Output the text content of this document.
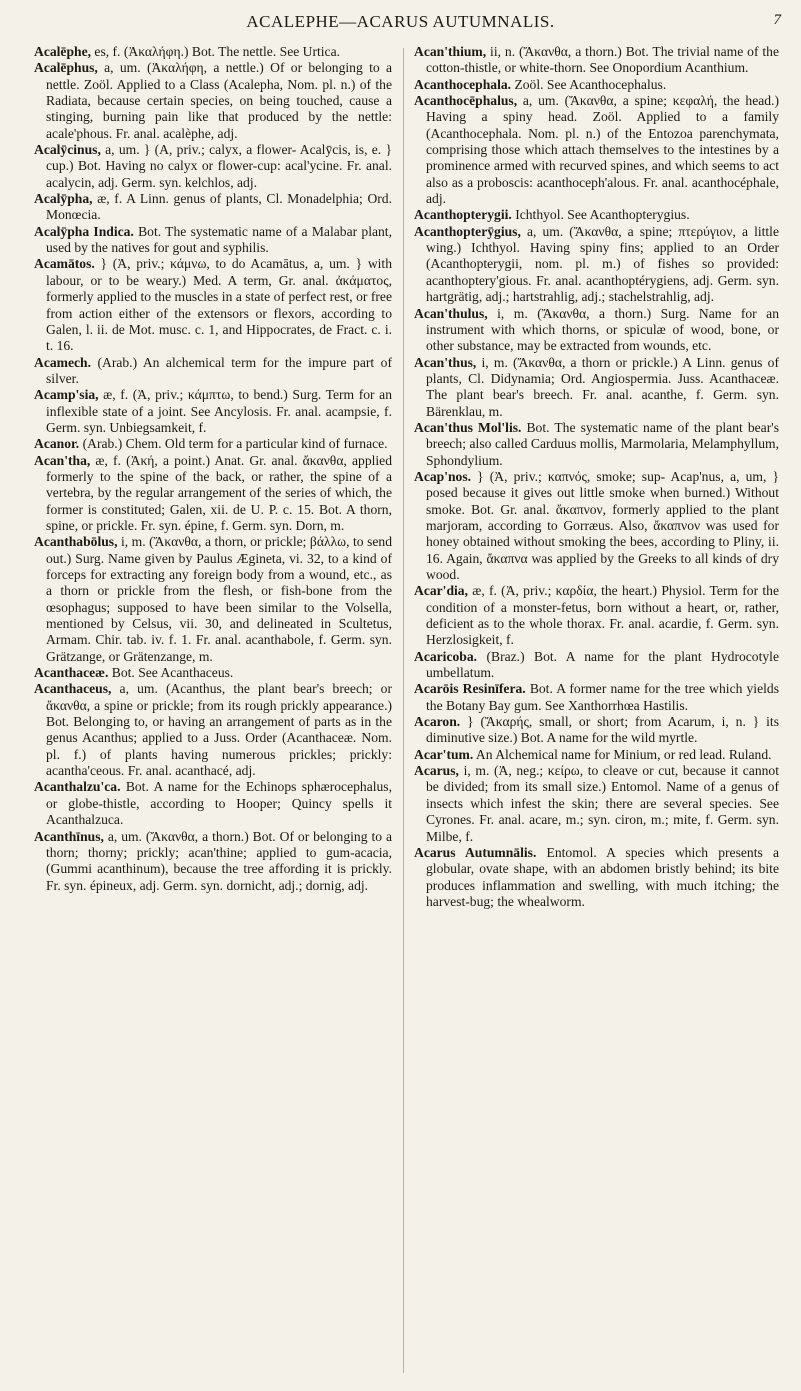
ACALEPHE—ACARUS AUTUMNALIS.	7

Acalēphe, es, f. (Ἀκαλήφη.) Bot. The nettle. See Urtica.

Acalēphus, a, um. (Ἀκαλήφη, a nettle.) Of or belonging to a nettle. Zoöl. Applied to a Class (Acalepha, Nom. pl. n.) of the Radiata, because certain species, on being touched, cause a stinging, burning pain like that produced by the nettle: acale'phous. Fr. anal. acalèphe, adj.

Acalȳcinus, a, um. } (A, priv.; calyx, a flower- Acalȳcis, is, e. } cup.) Bot. Having no calyx or flower-cup: acal'ycine. Fr. anal. acalycin, adj. Germ. syn. kelchlos, adj.

Acalȳpha, æ, f. A Linn. genus of plants, Cl. Monadelphia; Ord. Monœcia.

Acalȳpha Indica. Bot. The systematic name of a Malabar plant, used by the natives for gout and syphilis.

Acamātos. } (Ἀ, priv.; κάμνω, to do Acamātus, a, um. } with labour, or to be weary.) Med. A term, Gr. anal. ἀκάματος, formerly applied to the muscles in a state of perfect rest, or free from action either of the extensors or flexors, according to Galen, l. ii. de Mot. musc. c. 1, and Hippocrates, de Fract. c. i. t. 16.

Acamech. (Arab.) An alchemical term for the impure part of silver.

Acamp'sia, æ, f. (Ἀ, priv.; κάμπτω, to bend.) Surg. Term for an inflexible state of a joint. See Ancylosis. Fr. anal. acampsie, f. Germ. syn. Unbiegsamkeit, f.

Acanor. (Arab.) Chem. Old term for a particular kind of furnace.

Acan'tha, æ, f. (Ἀκή, a point.) Anat. Gr. anal. ἄκανθα, applied formerly to the spine of the back, or rather, the spine of a vertebra, by the regular arrangement of the series of which, the former is constituted; Galen, xii. de U. P. c. 15. Bot. A thorn, spine, or prickle. Fr. syn. épine, f. Germ. syn. Dorn, m.

Acanthabōlus, i, m. (Ἄκανθα, a thorn, or prickle; βάλλω, to send out.) Surg. Name given by Paulus Ægineta, vi. 32, to a kind of forceps for extracting any foreign body from a wound, etc., as a thorn or prickle from the flesh, or fish-bone from the œsophagus; supposed to have been similar to the Volsella, mentioned by Celsus, vii. 30, and delineated in Scultetus, Armam. Chir. tab. iv. f. 1. Fr. anal. acanthabole, f. Germ. syn. Grätzange, or Grätenzange, m.

Acanthaceæ. Bot. See Acanthaceus.

Acanthaceus, a, um. (Acanthus, the plant bear's breech; or ἄκανθα, a spine or prickle; from its rough prickly appearance.) Bot. Belonging to, or having an arrangement of parts as in the genus Acanthus; applied to a Juss. Order (Acanthaceæ. Nom. pl. f.) of plants having numerous prickles; prickly: acantha'ceous. Fr. anal. acanthacé, adj.

Acanthalzu'ca. Bot. A name for the Echinops sphærocephalus, or globe-thistle, according to Hooper; Quincy spells it Acanthalzuca.

Acanthīnus, a, um. (Ἄκανθα, a thorn.) Bot. Of or belonging to a thorn; thorny; prickly; acan'thine; applied to gum-acacia, (Gummi acanthinum), because the tree affording it is prickly. Fr. syn. épineux, adj. Germ. syn. dornicht, adj.; dornig, adj.

Acan'thium, ii, n. (Ἄκανθα, a thorn.) Bot. The trivial name of the cotton-thistle, or white-thorn. See Onopordium Acanthium.

Acanthocephala. Zoöl. See Acanthocephalus.

Acanthocēphalus, a, um. (Ἄκανθα, a spine; κεφαλή, the head.) Having a spiny head. Zoöl. Applied to a family (Acanthocephala. Nom. pl. n.) of the Entozoa parenchymata, comprising those which attach themselves to the intestines by a prominence armed with recurved spines, and which seems to act also as a proboscis: acanthoceph'alous. Fr. anal. acanthocéphale, adj.

Acanthopterygii. Ichthyol. See Acanthopterygius.

Acanthopterȳgius, a, um. (Ἄκανθα, a spine; πτερύγιον, a little wing.) Ichthyol. Having spiny fins; applied to an Order (Acanthopterygii, nom. pl. m.) of fishes so provided: acanthoptery'gious. Fr. anal. acanthoptérygiens, adj. Germ. syn. hartgrätig, adj.; hartstrahlig, adj.; stachelstrahlig, adj.

Acan'thulus, i, m. (Ἄκανθα, a thorn.) Surg. Name for an instrument with which thorns, or spiculæ of wood, bone, or other substance, may be extracted from wounds, etc.

Acan'thus, i, m. (Ἄκανθα, a thorn or prickle.) A Linn. genus of plants, Cl. Didynamia; Ord. Angiospermia. Juss. Acanthaceæ. The plant bear's breech. Fr. anal. acanthe, f. Germ. syn. Bärenklau, m.

Acan'thus Mol'lis. Bot. The systematic name of the plant bear's breech; also called Carduus mollis, Marmolaria, Melamphyllum, Sphondylium.

Acap'nos. } (Ἀ, priv.; καπνός, smoke; sup- Acap'nus, a, um, } posed because it gives out little smoke when burned.) Without smoke. Bot. Gr. anal. ἄκαπνον, formerly applied to the plant marjoram, according to Gorræus. Also, ἄκαπνον was used for honey obtained without smoking the bees, according to Pliny, ii. 16. Again, ἄκαπνα was applied by the Greeks to all kinds of dry wood.

Acar'dia, æ, f. (Ἀ, priv.; καρδία, the heart.) Physiol. Term for the condition of a monster-fetus, born without a heart, or, rather, deficient as to the whole thorax. Fr. anal. acardie, f. Germ. syn. Herzlosigkeit, f.

Acaricoba. (Braz.) Bot. A name for the plant Hydrocotyle umbellatum.

Acarōis Resinīfera. Bot. A former name for the tree which yields the Botany Bay gum. See Xanthorrhœa Hastilis.

Acaron. } (Ἄκαρής, small, or short; from Acarum, i, n. } its diminutive size.) Bot. A name for the wild myrtle.

Acar'tum. An Alchemical name for Minium, or red lead. Ruland.

Acarus, i, m. (Ἀ, neg.; κείρω, to cleave or cut, because it cannot be divided; from its small size.) Entomol. Name of a genus of insects which infest the skin; there are several species. See Cyrones. Fr. anal. acare, m.; syn. ciron, m.; mite, f. Germ. syn. Milbe, f.

Acarus Autumnālis. Entomol. A species which presents a globular, ovate shape, with an abdomen bristly behind; its bite produces inflammation and swelling, with much itching; the harvest-bug; the whealworm.
